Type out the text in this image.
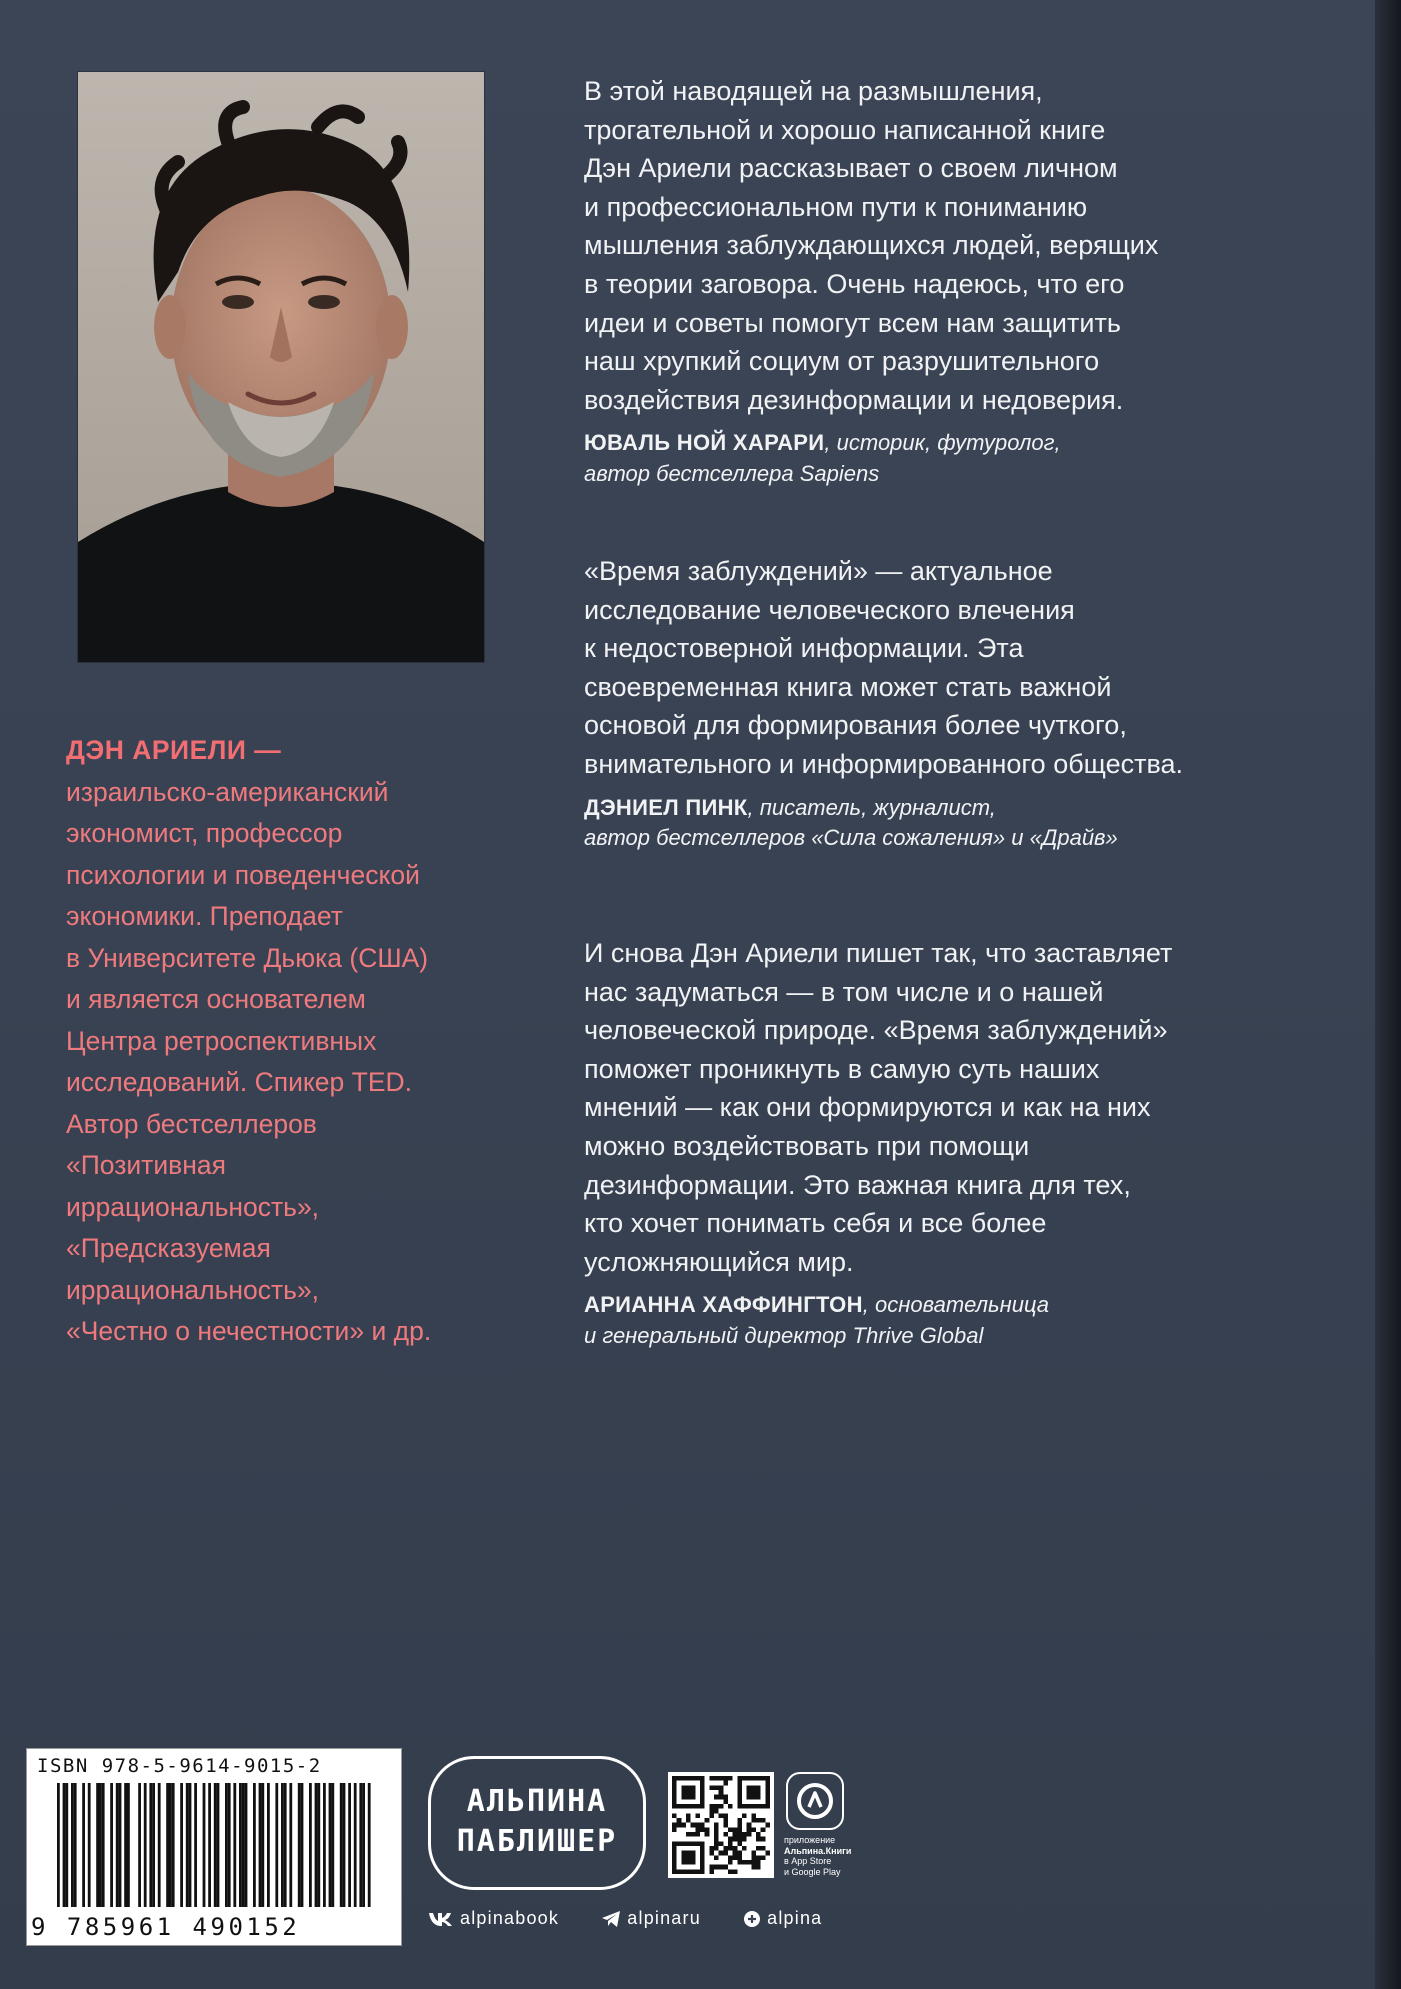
ДЭН АРИЕЛИ —
израильско-американский
экономист, профессор
психологии и поведенческой
экономики. Преподает
в Университете Дьюка (США)
и является основателем
Центра ретроспективных
исследований. Спикер TED.
Автор бестселлеров
«Позитивная
иррациональность»,
«Предсказуемая
иррациональность»,
«Честно о нечестности» и др.
В этой наводящей на размышления,
трогательной и хорошо написанной книге
Дэн Ариели рассказывает о своем личном
и профессиональном пути к пониманию
мышления заблуждающихся людей, верящих
в теории заговора. Очень надеюсь, что его
идеи и советы помогут всем нам защитить
наш хрупкий социум от разрушительного
воздействия дезинформации и недоверия.
ЮВАЛЬ НОЙ ХАРАРИ, историк, футуролог,
автор бестселлера Sapiens
«Время заблуждений» — актуальное
исследование человеческого влечения
к недостоверной информации. Эта
своевременная книга может стать важной
основой для формирования более чуткого,
внимательного и информированного общества.
ДЭНИЕЛ ПИНК, писатель, журналист,
автор бестселлеров «Сила сожаления» и «Драйв»
И снова Дэн Ариели пишет так, что заставляет
нас задуматься — в том числе и о нашей
человеческой природе. «Время заблуждений»
поможет проникнуть в самую суть наших
мнений — как они формируются и как на них
можно воздействовать при помощи
дезинформации. Это важная книга для тех,
кто хочет понимать себя и все более
усложняющийся мир.
АРИАННА ХАФФИНГТОН, основательница
и генеральный директор Thrive Global
ISBN 978-5-9614-9015-2
9 785961 490152
АЛЬПИНА
ПАБЛИШЕР	приложение
Альпина.Книги
в App Store
и Google Play
alpinabook	alpinaru	alpina
